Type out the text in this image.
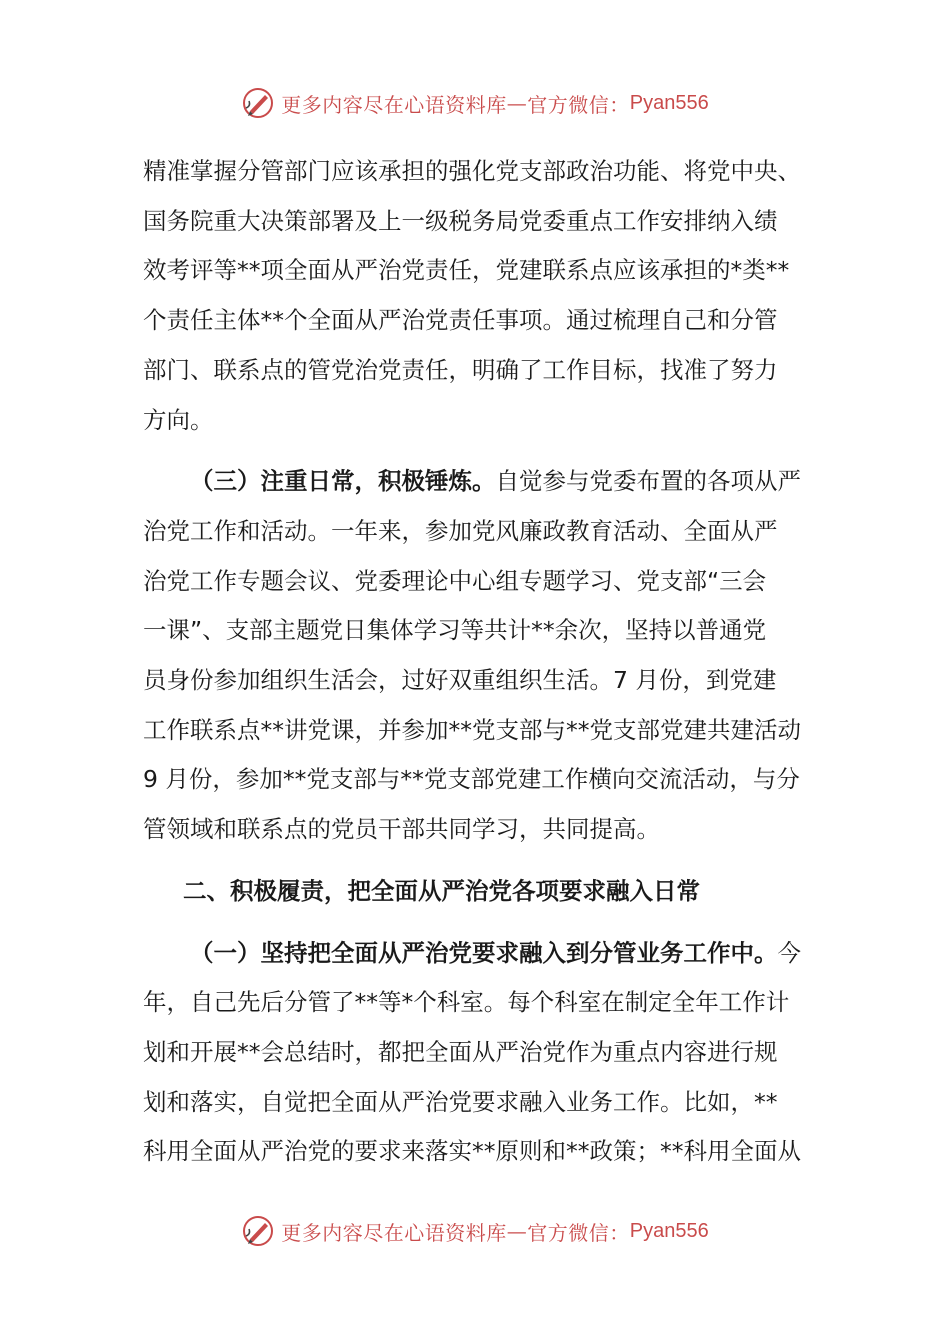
更多内容尽在心语资料库 — 官方微信： Pyan556

精准掌握分管部门应该承担的强化党支部政治功能、将党中央、
国务院重大决策部署及上一级税务局党委重点工作安排纳入绩
效考评等**项全面从严治党责任，党建联系点应该承担的*类**
个责任主体**个全面从严治党责任事项。通过梳理自己和分管
部门、联系点的管党治党责任，明确了工作目标，找准了努力
方向。

（三）注重日常，积极锤炼。自觉参与党委布置的各项从严
治党工作和活动。一年来，参加党风廉政教育活动、全面从严
治党工作专题会议、党委理论中心组专题学习、党支部“三会
一课”、支部主题党日集体学习等共计**余次，坚持以普通党
员身份参加组织生活会，过好双重组织生活。7 月份，到党建
工作联系点**讲党课，并参加**党支部与**党支部党建共建活动
9 月份，参加**党支部与**党支部党建工作横向交流活动，与分
管领域和联系点的党员干部共同学习，共同提高。

二、积极履责，把全面从严治党各项要求融入日常

（一）坚持把全面从严治党要求融入到分管业务工作中。今
年，自己先后分管了**等*个科室。每个科室在制定全年工作计
划和开展**会总结时，都把全面从严治党作为重点内容进行规
划和落实，自觉把全面从严治党要求融入业务工作。比如，**
科用全面从严治党的要求来落实**原则和**政策；**科用全面从

更多内容尽在心语资料库 — 官方微信： Pyan556
